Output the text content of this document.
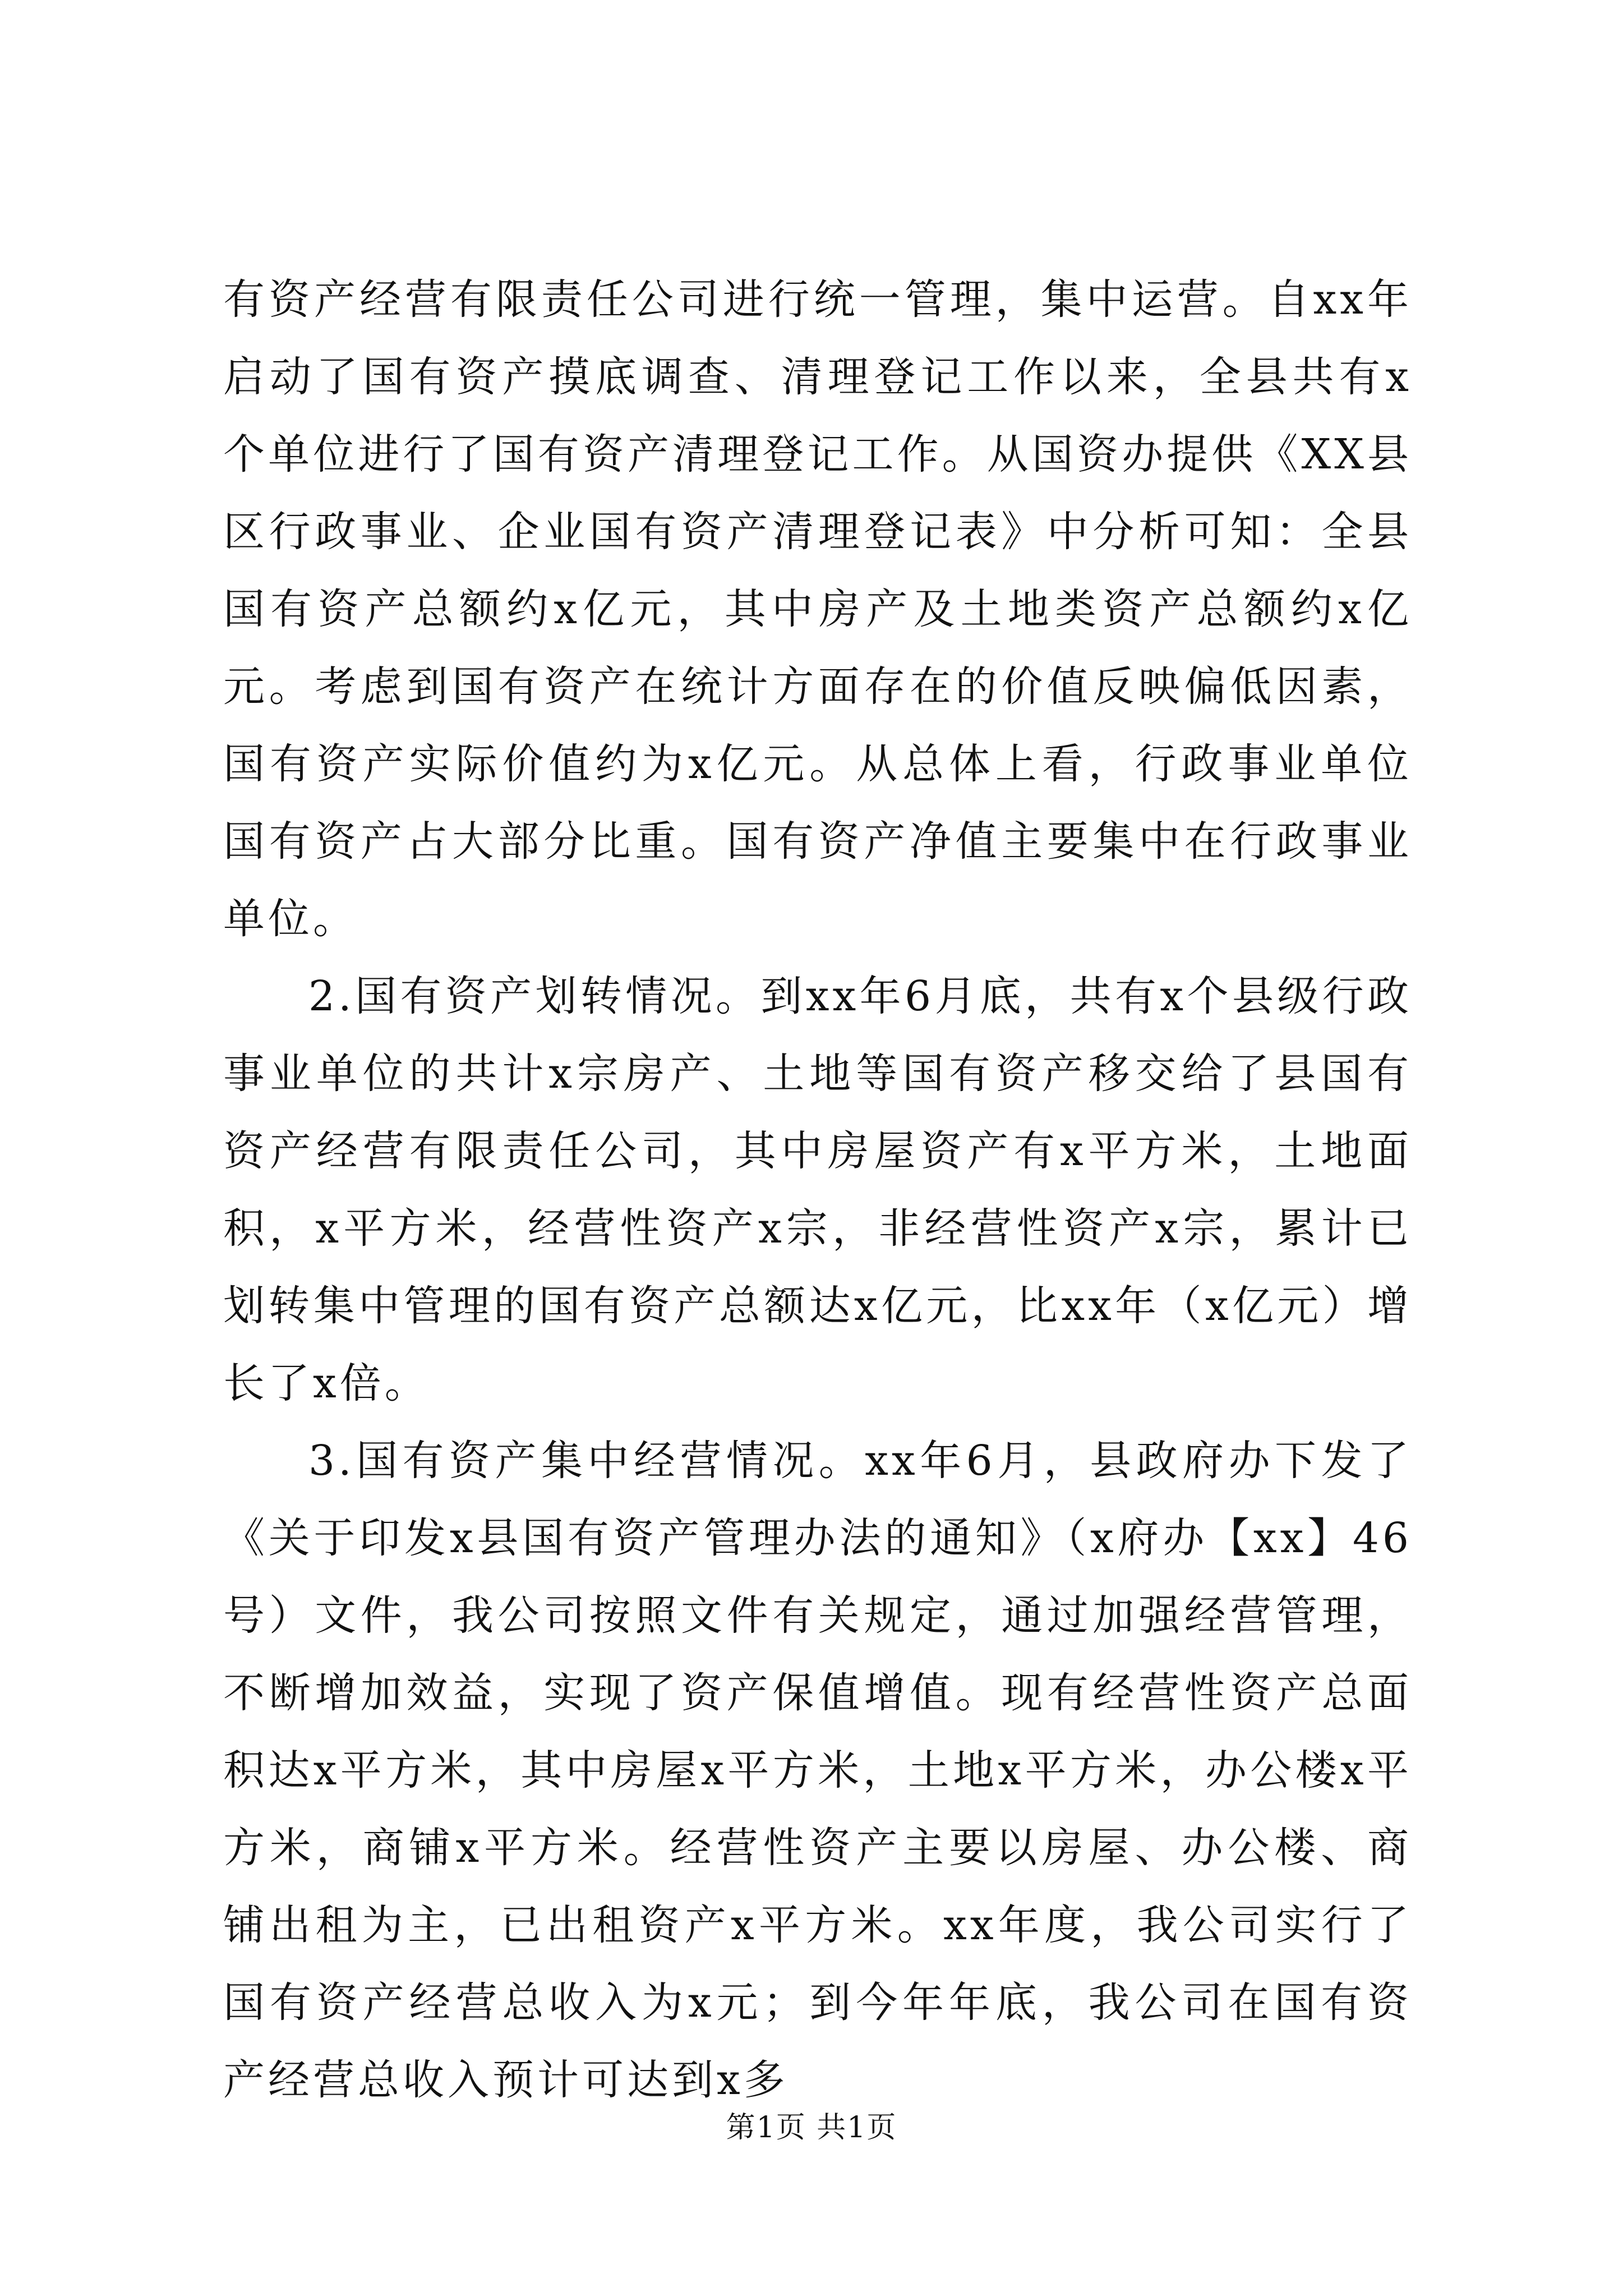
有资产经营有限责任公司进行统一管理，集中运营。自xx年启动了国有资产摸底调查、清理登记工作以来，全县共有x个单位进行了国有资产清理登记工作。从国资办提供《XX县区行政事业、企业国有资产清理登记表》中分析可知：全县国有资产总额约x亿元，其中房产及土地类资产总额约x亿元。考虑到国有资产在统计方面存在的价值反映偏低因素，国有资产实际价值约为x亿元。从总体上看，行政事业单位国有资产占大部分比重。国有资产净值主要集中在行政事业单位。

2.国有资产划转情况。到xx年6月底，共有x个县级行政事业单位的共计x宗房产、土地等国有资产移交给了县国有资产经营有限责任公司，其中房屋资产有x平方米，土地面积，x平方米，经营性资产x宗，非经营性资产x宗，累计已划转集中管理的国有资产总额达x亿元，比xx年（x亿元）增长了x倍。

3.国有资产集中经营情况。xx年6月，县政府办下发了《关于印发x县国有资产管理办法的通知》（x府办【xx】46号）文件，我公司按照文件有关规定，通过加强经营管理，不断增加效益，实现了资产保值增值。现有经营性资产总面积达x平方米，其中房屋x平方米，土地x平方米，办公楼x平方米，商铺x平方米。经营性资产主要以房屋、办公楼、商铺出租为主，已出租资产x平方米。xx年度，我公司实行了国有资产经营总收入为x元；到今年年底，我公司在国有资产经营总收入预计可达到x多

第1页 共1页
